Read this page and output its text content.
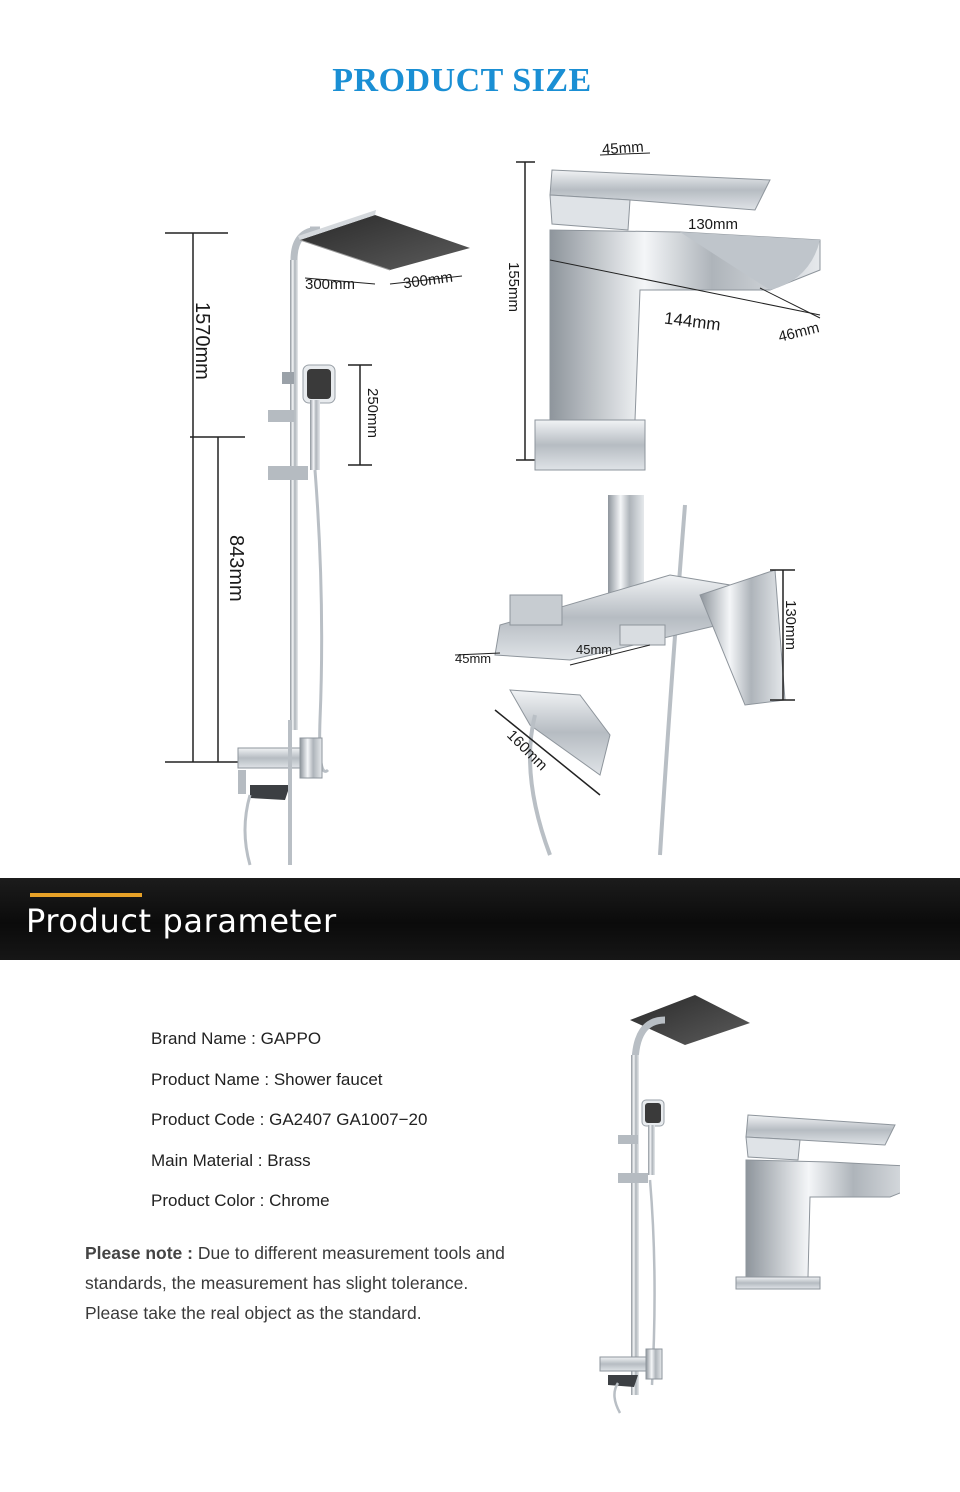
PRODUCT SIZE
1570mm
843mm
300mm	300mm
250mm
45mm
130mm
155mm
144mm	46mm
45mm
45mm	130mm
160mm
Product parameter
Brand Name : GAPPO
Product Name : Shower faucet
Product Code : GA2407 GA1007−20
Main Material : Brass
Product Color : Chrome
Please note : Due to different measurement tools and
standards, the measurement has slight tolerance.
Please take the real object as the standard.
